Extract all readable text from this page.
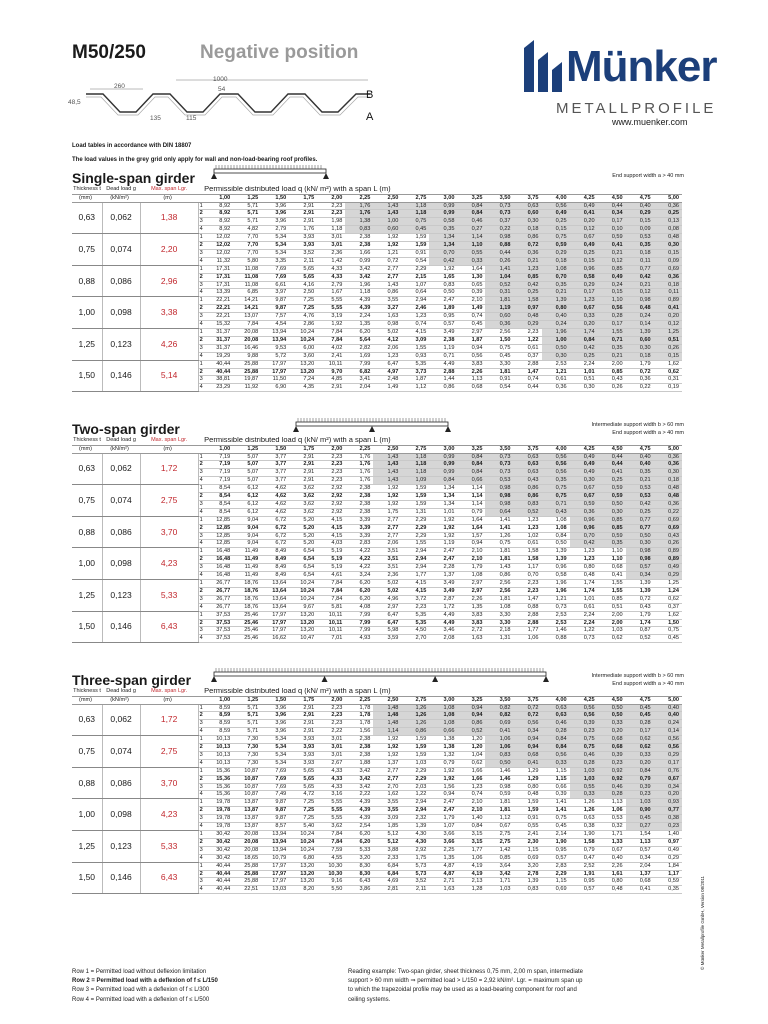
M50/250	Negative position
1000
260	54
48,5
135	115
B
A
Münker
METALLPROFILE
www.muenker.com
Load tables in accordance with DIN 18807
The load values in the grey grid only apply for wall and non-load-bearing roof profiles.
Single-span girder	End support width a > 40 mm
Thickness t	Dead load g	Max. span Lgr.	Permissible distributed load q (kN/ m²) with a span L (m)																	
(mm)	(kN/m²)	(m)		1,00	1,25	1,50	1,75	2,00	2,25	2,50	2,75	3,00	3,25	3,50	3,75	4,00	4,25	4,50	4,75	5,00
0,63	0,062	1,38	1	8,92	5,71	3,96	2,91	2,23	1,76	1,43	1,18	0,99	0,84	0,73	0,63	0,56	0,49	0,44	0,40	0,36
			2	8,92	5,71	3,96	2,91	2,23	1,76	1,43	1,18	0,99	0,84	0,73	0,60	0,49	0,41	0,34	0,29	0,25
			3	8,92	5,71	3,96	2,91	1,98	1,38	1,00	0,75	0,58	0,46	0,37	0,30	0,25	0,20	0,17	0,15	0,13
			4	8,92	4,82	2,79	1,76	1,18	0,83	0,60	0,45	0,35	0,27	0,22	0,18	0,15	0,12	0,10	0,09	0,08
0,75	0,074	2,20	1	12,02	7,70	5,34	3,93	3,01	2,38	1,92	1,59	1,34	1,14	0,98	0,86	0,75	0,67	0,59	0,53	0,48
			2	12,02	7,70	5,34	3,93	3,01	2,38	1,92	1,59	1,34	1,10	0,88	0,72	0,59	0,49	0,41	0,35	0,30
			3	12,02	7,70	5,34	3,52	2,36	1,66	1,21	0,91	0,70	0,55	0,44	0,36	0,29	0,25	0,21	0,18	0,15
			4	11,32	5,80	3,35	2,11	1,42	0,99	0,72	0,54	0,42	0,33	0,26	0,21	0,18	0,15	0,12	0,11	0,09
0,88	0,086	2,96	1	17,31	11,08	7,69	5,65	4,33	3,42	2,77	2,29	1,92	1,64	1,41	1,23	1,08	0,96	0,85	0,77	0,69
			2	17,31	11,08	7,69	5,65	4,33	3,42	2,77	2,15	1,65	1,30	1,04	0,85	0,70	0,58	0,49	0,42	0,36
			3	17,31	11,08	6,61	4,16	2,79	1,96	1,43	1,07	0,83	0,65	0,52	0,42	0,35	0,29	0,24	0,21	0,18
			4	13,39	6,85	3,97	2,50	1,67	1,18	0,86	0,64	0,50	0,39	0,31	0,25	0,21	0,17	0,15	0,12	0,11
1,00	0,098	3,38	1	22,21	14,21	9,87	7,25	5,55	4,39	3,55	2,94	2,47	2,10	1,81	1,58	1,39	1,23	1,10	0,98	0,89
			2	22,21	14,21	9,87	7,25	5,55	4,39	3,27	2,46	1,89	1,49	1,19	0,97	0,80	0,67	0,56	0,48	0,41
			3	22,21	13,07	7,57	4,76	3,19	2,24	1,63	1,23	0,95	0,74	0,60	0,48	0,40	0,33	0,28	0,24	0,20
			4	15,32	7,84	4,54	2,86	1,92	1,35	0,98	0,74	0,57	0,45	0,36	0,29	0,24	0,20	0,17	0,14	0,12
1,25	0,123	4,26	1	31,37	20,08	13,94	10,24	7,84	6,20	5,02	4,15	3,49	2,97	2,56	2,23	1,96	1,74	1,55	1,39	1,25
			2	31,37	20,08	13,94	10,24	7,84	5,64	4,12	3,09	2,38	1,87	1,50	1,22	1,00	0,84	0,71	0,60	0,51
			3	31,37	16,46	9,53	6,00	4,02	2,82	2,06	1,55	1,19	0,94	0,75	0,61	0,50	0,42	0,35	0,30	0,26
			4	19,29	9,88	5,72	3,60	2,41	1,69	1,23	0,93	0,71	0,56	0,45	0,37	0,30	0,25	0,21	0,18	0,15
1,50	0,146	5,14	1	40,44	25,88	17,97	13,20	10,11	7,99	6,47	5,35	4,49	3,83	3,30	2,88	2,53	2,24	2,00	1,79	1,62
			2	40,44	25,88	17,97	13,20	9,70	6,82	4,97	3,73	2,88	2,26	1,81	1,47	1,21	1,01	0,85	0,72	0,62
			3	38,81	19,87	11,50	7,24	4,85	3,41	2,48	1,87	1,44	1,13	0,91	0,74	0,61	0,51	0,43	0,36	0,31
			4	23,29	11,92	6,90	4,35	2,91	2,04	1,49	1,12	0,86	0,68	0,54	0,44	0,36	0,30	0,26	0,22	0,19
Two-span girder	Intermediate support width b > 60 mm
End support width a > 40 mm
Thickness t	Dead load g	Max. span Lgr.	Permissible distributed load q (kN/ m²) with a span L (m)																	
(mm)	(kN/m²)	(m)		1,00	1,25	1,50	1,75	2,00	2,25	2,50	2,75	3,00	3,25	3,50	3,75	4,00	4,25	4,50	4,75	5,00
0,63	0,062	1,72	1	7,19	5,07	3,77	2,91	2,23	1,76	1,43	1,18	0,99	0,84	0,73	0,63	0,56	0,49	0,44	0,40	0,36
			2	7,19	5,07	3,77	2,91	2,23	1,76	1,43	1,18	0,99	0,84	0,73	0,63	0,56	0,49	0,44	0,40	0,36
			3	7,19	5,07	3,77	2,91	2,23	1,76	1,43	1,18	0,99	0,84	0,73	0,63	0,56	0,49	0,41	0,35	0,30
			4	7,19	5,07	3,77	2,91	2,23	1,76	1,43	1,09	0,84	0,66	0,53	0,43	0,35	0,30	0,25	0,21	0,18
0,75	0,074	2,75	1	8,54	6,12	4,62	3,62	2,92	2,38	1,92	1,59	1,34	1,14	0,98	0,86	0,75	0,67	0,59	0,53	0,48
			2	8,54	6,12	4,62	3,62	2,92	2,38	1,92	1,59	1,34	1,14	0,98	0,86	0,75	0,67	0,59	0,53	0,48
			3	8,54	6,12	4,62	3,62	2,92	2,38	1,92	1,59	1,34	1,14	0,98	0,83	0,71	0,59	0,50	0,42	0,36
			4	8,54	6,12	4,62	3,62	2,92	2,38	1,75	1,31	1,01	0,79	0,64	0,52	0,43	0,36	0,30	0,25	0,22
0,88	0,086	3,70	1	12,85	9,04	6,72	5,20	4,15	3,39	2,77	2,29	1,92	1,64	1,41	1,23	1,08	0,96	0,85	0,77	0,69
			2	12,85	9,04	6,72	5,20	4,15	3,39	2,77	2,29	1,92	1,64	1,41	1,23	1,08	0,96	0,85	0,77	0,69
			3	12,85	9,04	6,72	5,20	4,15	3,39	2,77	2,29	1,92	1,57	1,26	1,02	0,84	0,70	0,59	0,50	0,43
			4	12,85	9,04	6,72	5,20	4,03	2,83	2,06	1,55	1,19	0,94	0,75	0,61	0,50	0,42	0,35	0,30	0,26
1,00	0,098	4,23	1	16,48	11,49	8,49	6,54	5,19	4,22	3,51	2,94	2,47	2,10	1,81	1,58	1,39	1,23	1,10	0,98	0,89
			2	16,48	11,49	8,49	6,54	5,19	4,22	3,51	2,94	2,47	2,10	1,81	1,58	1,39	1,23	1,10	0,98	0,89
			3	16,48	11,49	8,49	6,54	5,19	4,22	3,51	2,94	2,28	1,79	1,43	1,17	0,96	0,80	0,68	0,57	0,49
			4	16,48	11,49	8,49	6,54	4,61	3,24	2,36	1,77	1,37	1,08	0,86	0,70	0,58	0,48	0,41	0,34	0,29
1,25	0,123	5,33	1	26,77	18,76	13,64	10,24	7,84	6,20	5,02	4,15	3,49	2,97	2,56	2,23	1,96	1,74	1,55	1,39	1,25
			2	26,77	18,76	13,64	10,24	7,84	6,20	5,02	4,15	3,49	2,97	2,56	2,23	1,96	1,74	1,55	1,39	1,24
			3	26,77	18,76	13,64	10,24	7,84	6,20	4,96	3,72	2,87	2,26	1,81	1,47	1,21	1,01	0,85	0,72	0,62
			4	26,77	18,76	13,64	9,67	5,81	4,08	2,97	2,23	1,72	1,35	1,08	0,88	0,73	0,61	0,51	0,43	0,37
1,50	0,146	6,43	1	37,53	25,46	17,97	13,20	10,11	7,99	6,47	5,35	4,49	3,83	3,30	2,88	2,53	2,24	2,00	1,79	1,62
			2	37,53	25,46	17,97	13,20	10,11	7,99	6,47	5,35	4,49	3,83	3,30	2,88	2,53	2,24	2,00	1,74	1,50
			3	37,53	25,46	17,97	13,20	10,11	7,99	5,98	4,50	3,46	2,72	2,18	1,77	1,46	1,22	1,03	0,87	0,75
			4	37,53	25,46	16,62	10,47	7,01	4,93	3,59	2,70	2,08	1,63	1,31	1,06	0,88	0,73	0,62	0,52	0,45
Three-span girder	Intermediate support width b > 60 mm
End support width a > 40 mm
Thickness t	Dead load g	Max. span Lgr.	Permissible distributed load q (kN/ m²) with a span L (m)																	
(mm)	(kN/m²)	(m)		1,00	1,25	1,50	1,75	2,00	2,25	2,50	2,75	3,00	3,25	3,50	3,75	4,00	4,25	4,50	4,75	5,00
0,63	0,062	1,72	1	8,59	5,71	3,96	2,91	2,23	1,78	1,48	1,26	1,08	0,94	0,82	0,72	0,63	0,56	0,50	0,45	0,40
			2	8,59	5,71	3,96	2,91	2,23	1,78	1,48	1,26	1,08	0,94	0,82	0,72	0,63	0,56	0,50	0,45	0,40
			3	8,59	5,71	3,96	2,91	2,23	1,78	1,48	1,26	1,08	0,86	0,69	0,56	0,46	0,39	0,33	0,28	0,24
			4	8,59	5,71	3,96	2,91	2,22	1,56	1,14	0,86	0,66	0,52	0,41	0,34	0,28	0,23	0,20	0,17	0,14
0,75	0,074	2,75	1	10,13	7,30	5,34	3,93	3,01	2,38	1,92	1,59	1,38	1,20	1,06	0,94	0,84	0,75	0,68	0,62	0,56
			2	10,13	7,30	5,34	3,93	3,01	2,38	1,92	1,59	1,38	1,20	1,06	0,94	0,84	0,75	0,68	0,62	0,56
			3	10,13	7,30	5,34	3,93	3,01	2,38	1,92	1,59	1,32	1,04	0,83	0,68	0,56	0,46	0,39	0,33	0,29
			4	10,13	7,30	5,34	3,93	2,67	1,88	1,37	1,03	0,79	0,62	0,50	0,41	0,33	0,28	0,23	0,20	0,17
0,88	0,086	3,70	1	15,36	10,87	7,69	5,65	4,33	3,42	2,77	2,29	1,92	1,66	1,46	1,29	1,15	1,03	0,92	0,84	0,76
			2	15,36	10,87	7,69	5,65	4,33	3,42	2,77	2,29	1,92	1,66	1,46	1,29	1,15	1,03	0,92	0,79	0,67
			3	15,36	10,87	7,69	5,65	4,33	3,42	2,70	2,03	1,56	1,23	0,98	0,80	0,66	0,55	0,46	0,39	0,34
			4	15,36	10,87	7,49	4,72	3,16	2,22	1,62	1,22	0,94	0,74	0,59	0,48	0,39	0,33	0,28	0,23	0,20
1,00	0,098	4,23	1	19,78	13,87	9,87	7,25	5,55	4,39	3,55	2,94	2,47	2,10	1,81	1,59	1,41	1,26	1,13	1,03	0,93
			2	19,78	13,87	9,87	7,25	5,55	4,39	3,55	2,94	2,47	2,10	1,81	1,59	1,41	1,26	1,06	0,90	0,77
			3	19,78	13,87	9,87	7,25	5,55	4,39	3,09	2,32	1,79	1,40	1,12	0,91	0,75	0,63	0,53	0,45	0,38
			4	19,78	13,87	8,57	5,40	3,62	2,54	1,85	1,39	1,07	0,84	0,67	0,55	0,45	0,38	0,32	0,27	0,23
1,25	0,123	5,33	1	30,42	20,08	13,94	10,24	7,84	6,20	5,12	4,30	3,66	3,15	2,75	2,41	2,14	1,90	1,71	1,54	1,40
			2	30,42	20,08	13,94	10,24	7,84	6,20	5,12	4,30	3,66	3,15	2,75	2,30	1,90	1,58	1,33	1,13	0,97
			3	30,42	20,08	13,94	10,24	7,59	5,33	3,88	2,92	2,25	1,77	1,42	1,15	0,95	0,79	0,67	0,57	0,49
			4	30,42	18,65	10,79	6,80	4,55	3,20	2,33	1,75	1,35	1,06	0,85	0,69	0,57	0,47	0,40	0,34	0,29
1,50	0,146	6,43	1	40,44	25,88	17,97	13,20	10,30	8,30	6,84	5,73	4,87	4,19	3,64	3,20	2,83	2,52	2,26	2,04	1,84
			2	40,44	25,88	17,97	13,20	10,30	8,30	6,84	5,73	4,87	4,19	3,42	2,78	2,29	1,91	1,61	1,37	1,17
			3	40,44	25,88	17,97	13,20	9,16	6,43	4,69	3,52	2,71	2,13	1,71	1,39	1,15	0,95	0,80	0,68	0,59
			4	40,44	22,51	13,03	8,20	5,50	3,86	2,81	2,11	1,63	1,28	1,03	0,83	0,69	0,57	0,48	0,41	0,35
Row 1 = Permitted load without deflexion limitation
Row 2 = Permitted load with a deflexion of f ≤ L/150
Row 3 = Permitted load with a deflexion of f ≤ L/300
Row 4 = Permitted load with a deflexion of f ≤ L/500
Reading example: Two-span girder, sheet thickness 0,75 mm, 2,00 m span, intermediate support > 60 mm width ⇒ permitted load > L/150 = 2,92 kN/m². Lgr. = maximum span up to which the trapezoidal profile may be used as a load-bearing component for roof and ceiling systems.
© Münker Metallprofile GmbH, Version 08/2011
